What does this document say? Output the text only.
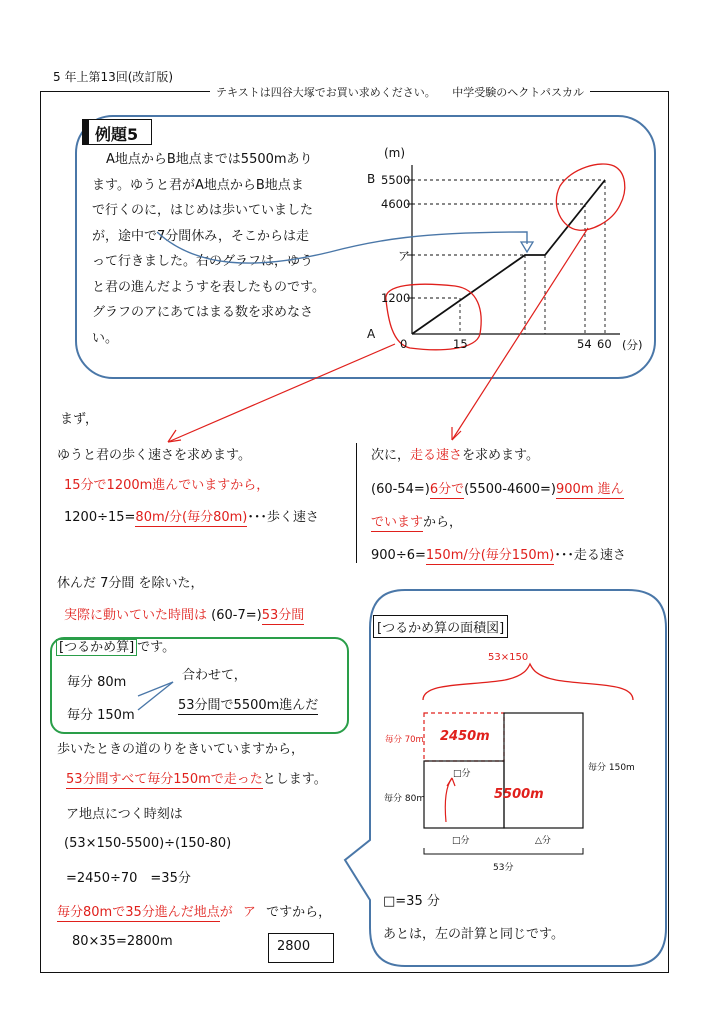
5 年上第13回(改訂版)
テキストは四谷大塚でお買い求めください。　　中学受験のヘクトパスカル
例題5
A地点からB地点までは5500mあり
ます。ゆうと君がA地点からB地点ま
で行くのに，はじめは歩いていました
が，途中で7分間休み，そこからは走
って行きました。右のグラフは，ゆう
と君の進んだようすを表したものです。
グラフのアにあてはまる数を求めなさ
い。
(m)
B 5500
4600
ア
1200
A
0	15	54 60 (分)
まず，
ゆうと君の歩く速さを求めます。
15分で1200m進んでいますから，
1200÷15=80m/分(毎分80m)･･･歩く速さ
休んだ 7分間 を除いた，
実際に動いていた時間は (60-7=)53分間
[つるかめ算] です。
毎分 80m
毎分 150m
合わせて，
53分間で5500m進んだ
歩いたときの道のりをきいていますから，
53分間すべて毎分150mで走ったとします。
ア地点につく時刻は
(53×150-5500)÷(150-80)
=2450÷70　=35分
毎分80mで35分進んだ地点が ア ですから，
80×35=2800m	2800
次に，走る速さを求めます。
(60-54=)6分で(5500-4600=)900m 進ん
でいますから，
900÷6=150m/分(毎分150m)･･･走る速さ
[つるかめ算の面積図]
53×150
毎分 70m 2450m
□分
毎分 80m	5500m
毎分 150m
□分	△分
53分
□=35 分
あとは，左の計算と同じです。
